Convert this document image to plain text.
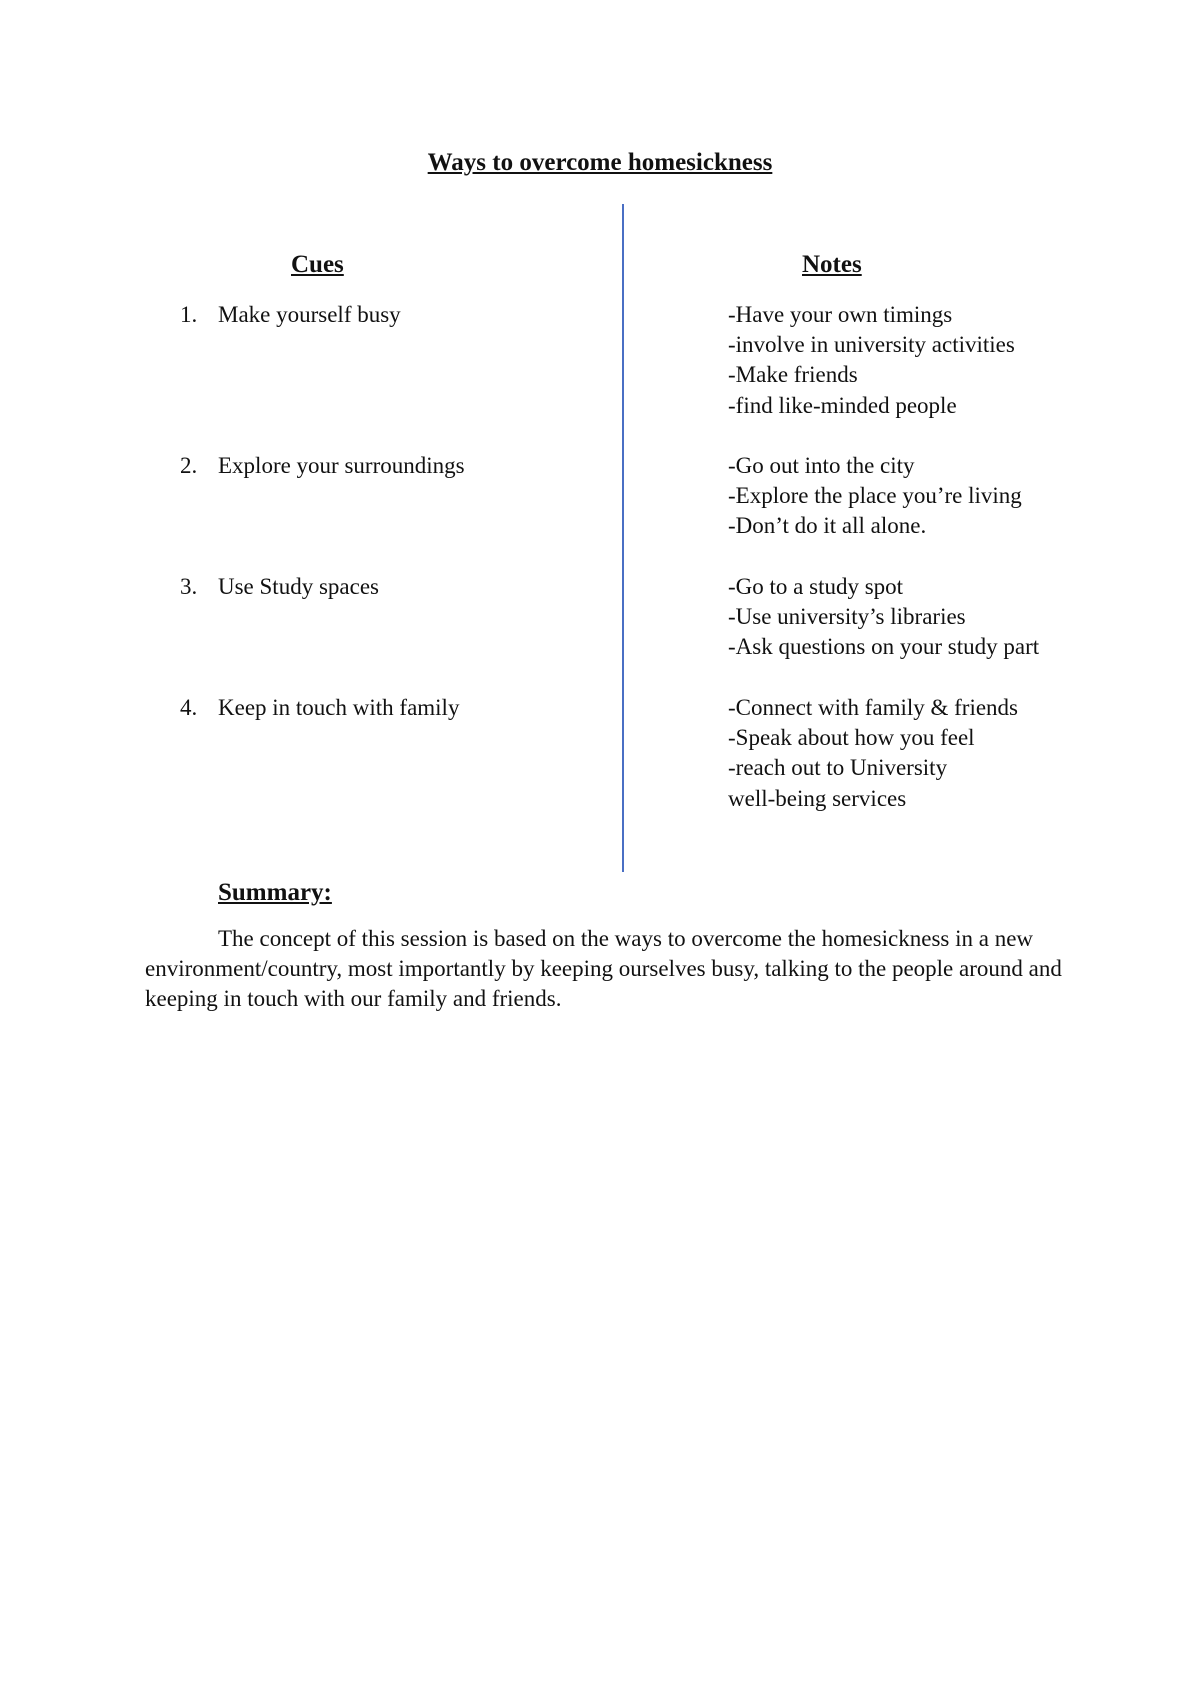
Ways to overcome homesickness
Cues	Notes
1. Make yourself busy	-Have your own timings
-involve in university activities
-Make friends
-find like-minded people
2. Explore your surroundings	-Go out into the city
-Explore the place you’re living
-Don’t do it all alone.
3. Use Study spaces	-Go to a study spot
-Use university’s libraries
-Ask questions on your study part
4. Keep in touch with family	-Connect with family & friends
-Speak about how you feel
-reach out to University
well-being services
Summary:
The concept of this session is based on the ways to overcome the homesickness in a new environment/country, most importantly by keeping ourselves busy, talking to the people around and keeping in touch with our family and friends.
